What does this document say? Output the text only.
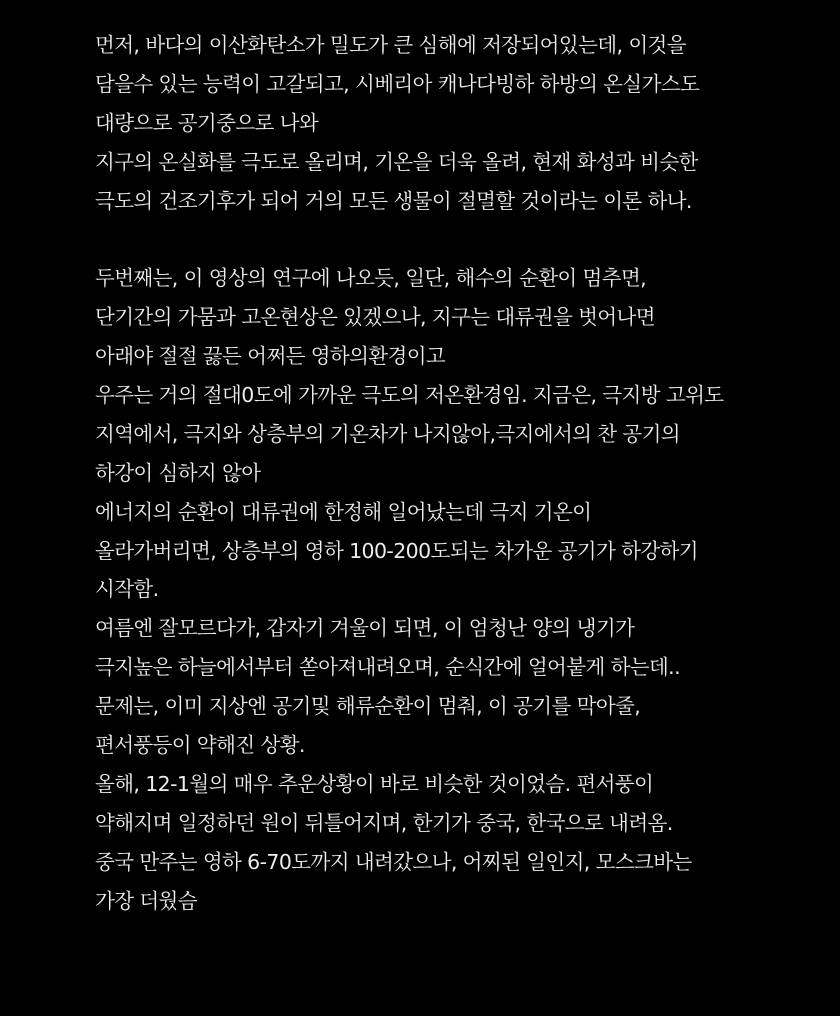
먼저, 바다의 이산화탄소가 밀도가 큰 심해에 저장되어있는데, 이것을
담을수 있는 능력이 고갈되고, 시베리아 캐나다빙하 하방의 온실가스도
대량으로 공기중으로 나와
지구의 온실화를 극도로 올리며, 기온을 더욱 올려, 현재 화성과 비슷한
극도의 건조기후가 되어 거의 모든 생물이 절멸할 것이라는 이론 하나.
두번째는, 이 영상의 연구에 나오듯, 일단, 해수의 순환이 멈추면,
단기간의 가뭄과 고온현상은 있겠으나, 지구는 대류권을 벗어나면
아래야 절절 끓든 어쩌든 영하의환경이고
우주는 거의 절대0도에 가까운 극도의 저온환경임. 지금은, 극지방 고위도
지역에서, 극지와 상층부의 기온차가 나지않아,극지에서의 찬 공기의
하강이 심하지 않아
에너지의 순환이 대류권에 한정해 일어났는데 극지 기온이
올라가버리면, 상층부의 영하 100-200도되는 차가운 공기가 하강하기
시작함.
여름엔 잘모르다가, 갑자기 겨울이 되면, 이 엄청난 양의 냉기가
극지높은 하늘에서부터 쏟아져내려오며, 순식간에 얼어붙게 하는데..
문제는, 이미 지상엔 공기및 해류순환이 멈춰, 이 공기를 막아줄,
편서풍등이 약해진 상황.
올해, 12-1월의 매우 추운상황이 바로 비슷한 것이었슴. 편서풍이
약해지며 일정하던 원이 뒤틀어지며, 한기가 중국, 한국으로 내려옴.
중국 만주는 영하 6-70도까지 내려갔으나, 어찌된 일인지, 모스크바는
가장 더웠슴
